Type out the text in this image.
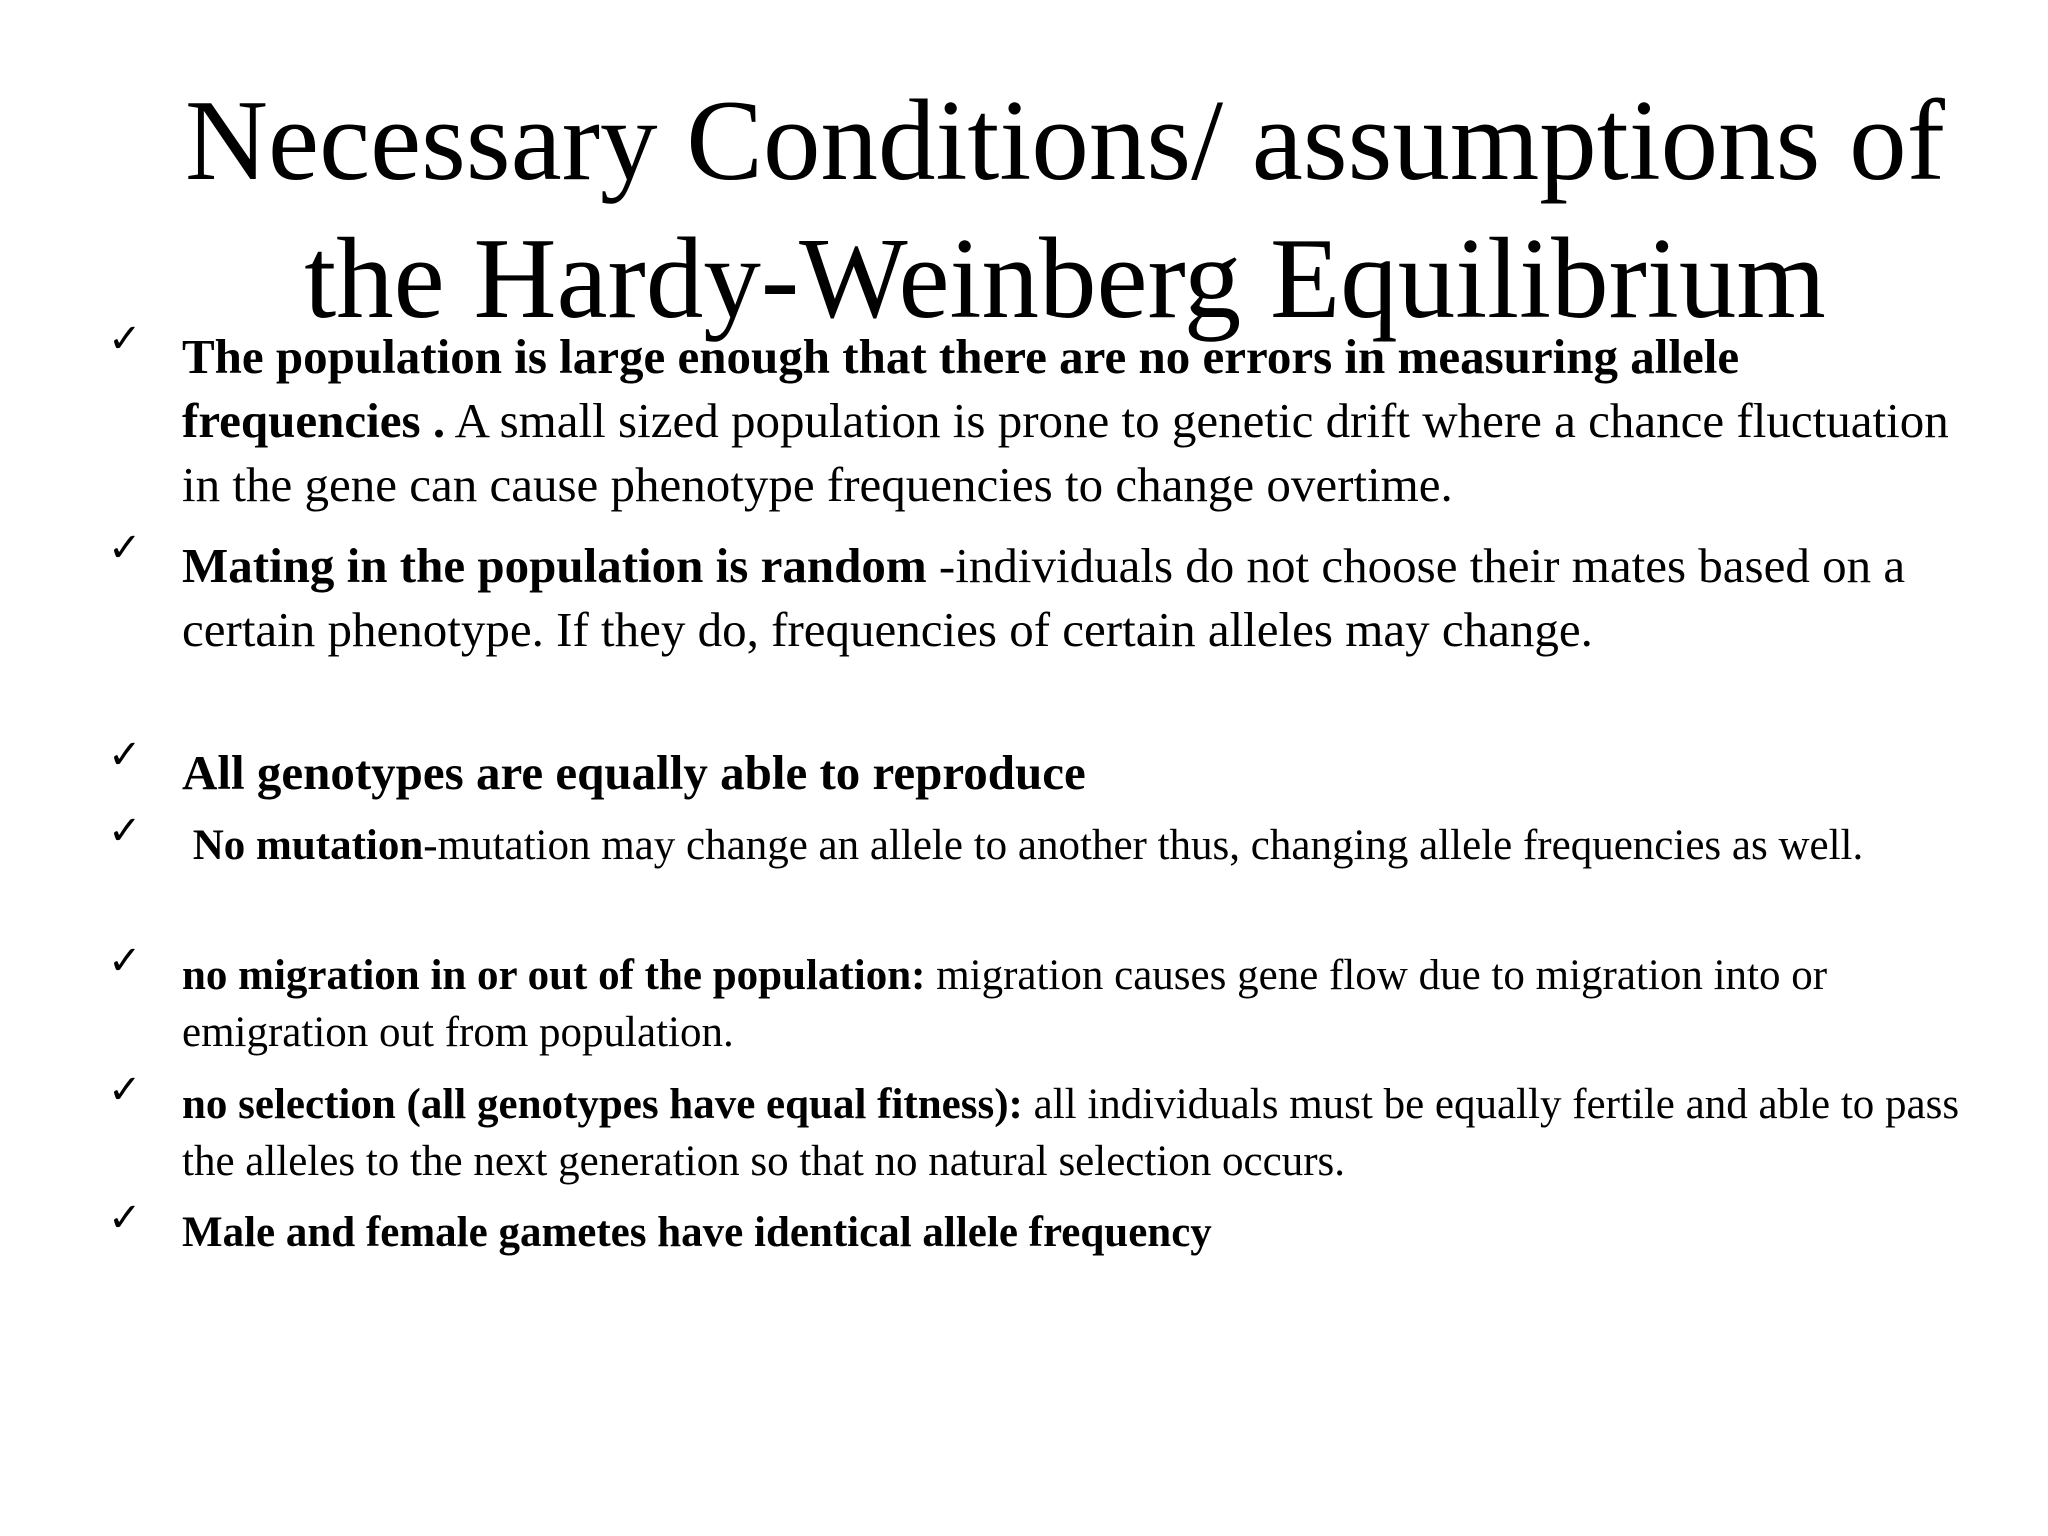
Necessary Conditions/ assumptions of
the Hardy-Weinberg Equilibrium
✓ The population is large enough that there are no errors in measuring allele frequencies . A small sized population is prone to genetic drift where a chance fluctuation in the gene can cause phenotype frequencies to change overtime.
✓ Mating in the population is random -individuals do not choose their mates based on a certain phenotype. If they do, frequencies of certain alleles may change.
✓ All genotypes are equally able to reproduce
✓ No mutation-mutation may change an allele to another thus, changing allele frequencies as well.
✓ no migration in or out of the population: migration causes gene flow due to migration into or emigration out from population.
✓ no selection (all genotypes have equal fitness): all individuals must be equally fertile and able to pass the alleles to the next generation so that no natural selection occurs.
✓ Male and female gametes have identical allele frequency
